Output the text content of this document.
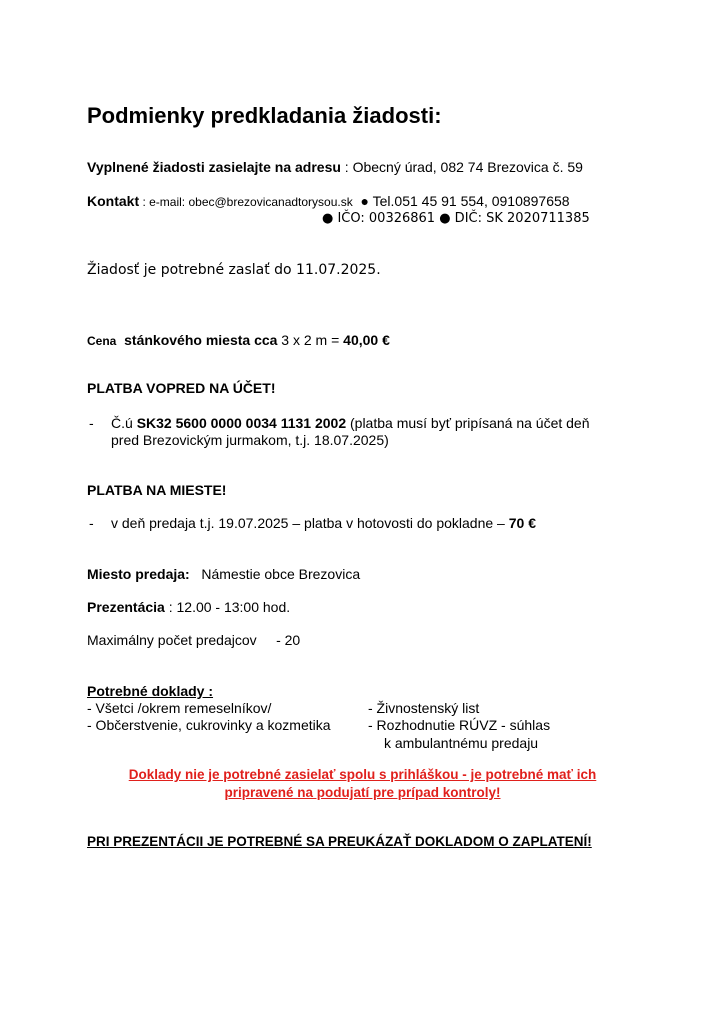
Podmienky predkladania žiadosti:
Vyplnené žiadosti zasielajte na adresu : Obecný úrad, 082 74 Brezovica č. 59
Kontakt : e-mail: obec@brezovicanadtorysou.sk ● Tel.051 45 91 554, 0910897658
● IČO: 00326861 ● DIČ: SK 2020711385
Žiadosť je potrebné zaslať do 11.07.2025.
Cena stánkového miesta cca 3 x 2 m = 40,00 €
PLATBA VOPRED NA ÚČET!
- Č.ú SK32 5600 0000 0034 1131 2002 (platba musí byť pripísaná na účet deň
pred Brezovickým jurmakom, t.j. 18.07.2025)
PLATBA NA MIESTE!
- v deň predaja t.j. 19.07.2025 – platba v hotovosti do pokladne – 70 €
Miesto predaja: Námestie obce Brezovica
Prezentácia : 12.00 - 13:00 hod.
Maximálny počet predajcov - 20
Potrebné doklady :
- Všetci /okrem remeselníkov/
- Občerstvenie, cukrovinky a kozmetika
- Živnostenský list
- Rozhodnutie RÚVZ - súhlas
k ambulantnému predaju
Doklady nie je potrebné zasielať spolu s prihláškou - je potrebné mať ich
pripravené na podujatí pre prípad kontroly!
PRI PREZENTÁCII JE POTREBNÉ SA PREUKÁZAŤ DOKLADOM O ZAPLATENÍ!
